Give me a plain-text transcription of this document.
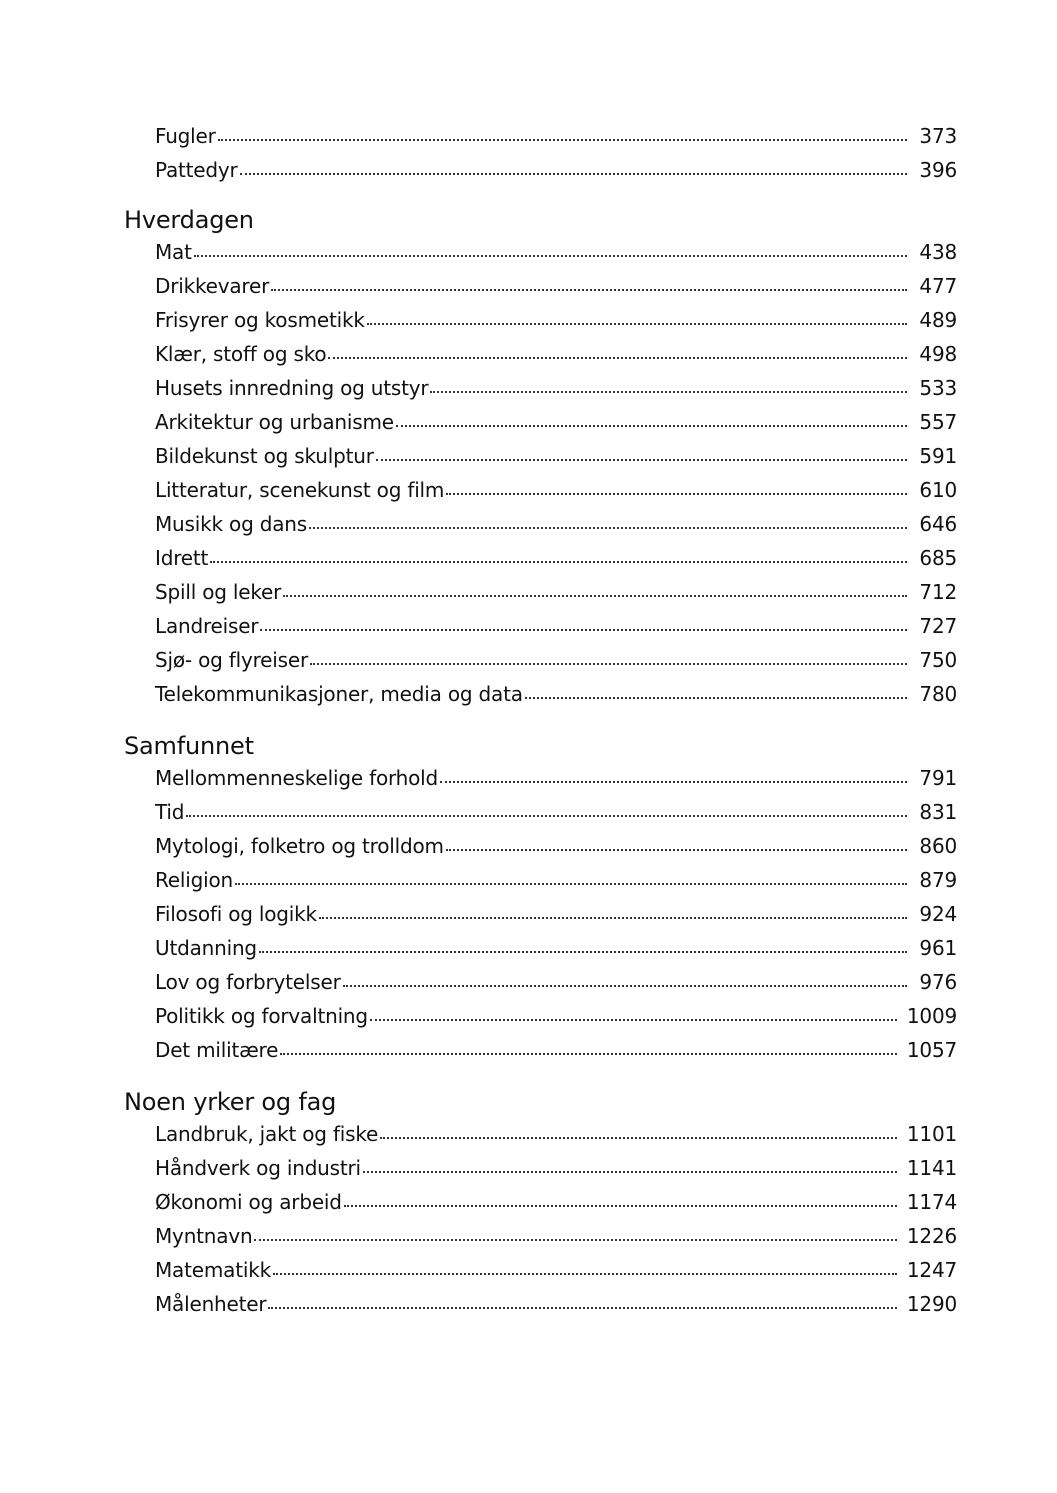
Fugler	373
Pattedyr	396
Hverdagen
Mat	438
Drikkevarer	477
Frisyrer og kosmetikk	489
Klær, stoff og sko	498
Husets innredning og utstyr	533
Arkitektur og urbanisme	557
Bildekunst og skulptur	591
Litteratur, scenekunst og film	610
Musikk og dans	646
Idrett	685
Spill og leker	712
Landreiser	727
Sjø- og flyreiser	750
Telekommunikasjoner, media og data	780
Samfunnet
Mellommenneskelige forhold	791
Tid	831
Mytologi, folketro og trolldom	860
Religion	879
Filosofi og logikk	924
Utdanning	961
Lov og forbrytelser	976
Politikk og forvaltning	1009
Det militære	1057
Noen yrker og fag
Landbruk, jakt og fiske	1101
Håndverk og industri	1141
Økonomi og arbeid	1174
Myntnavn	1226
Matematikk	1247
Målenheter	1290
